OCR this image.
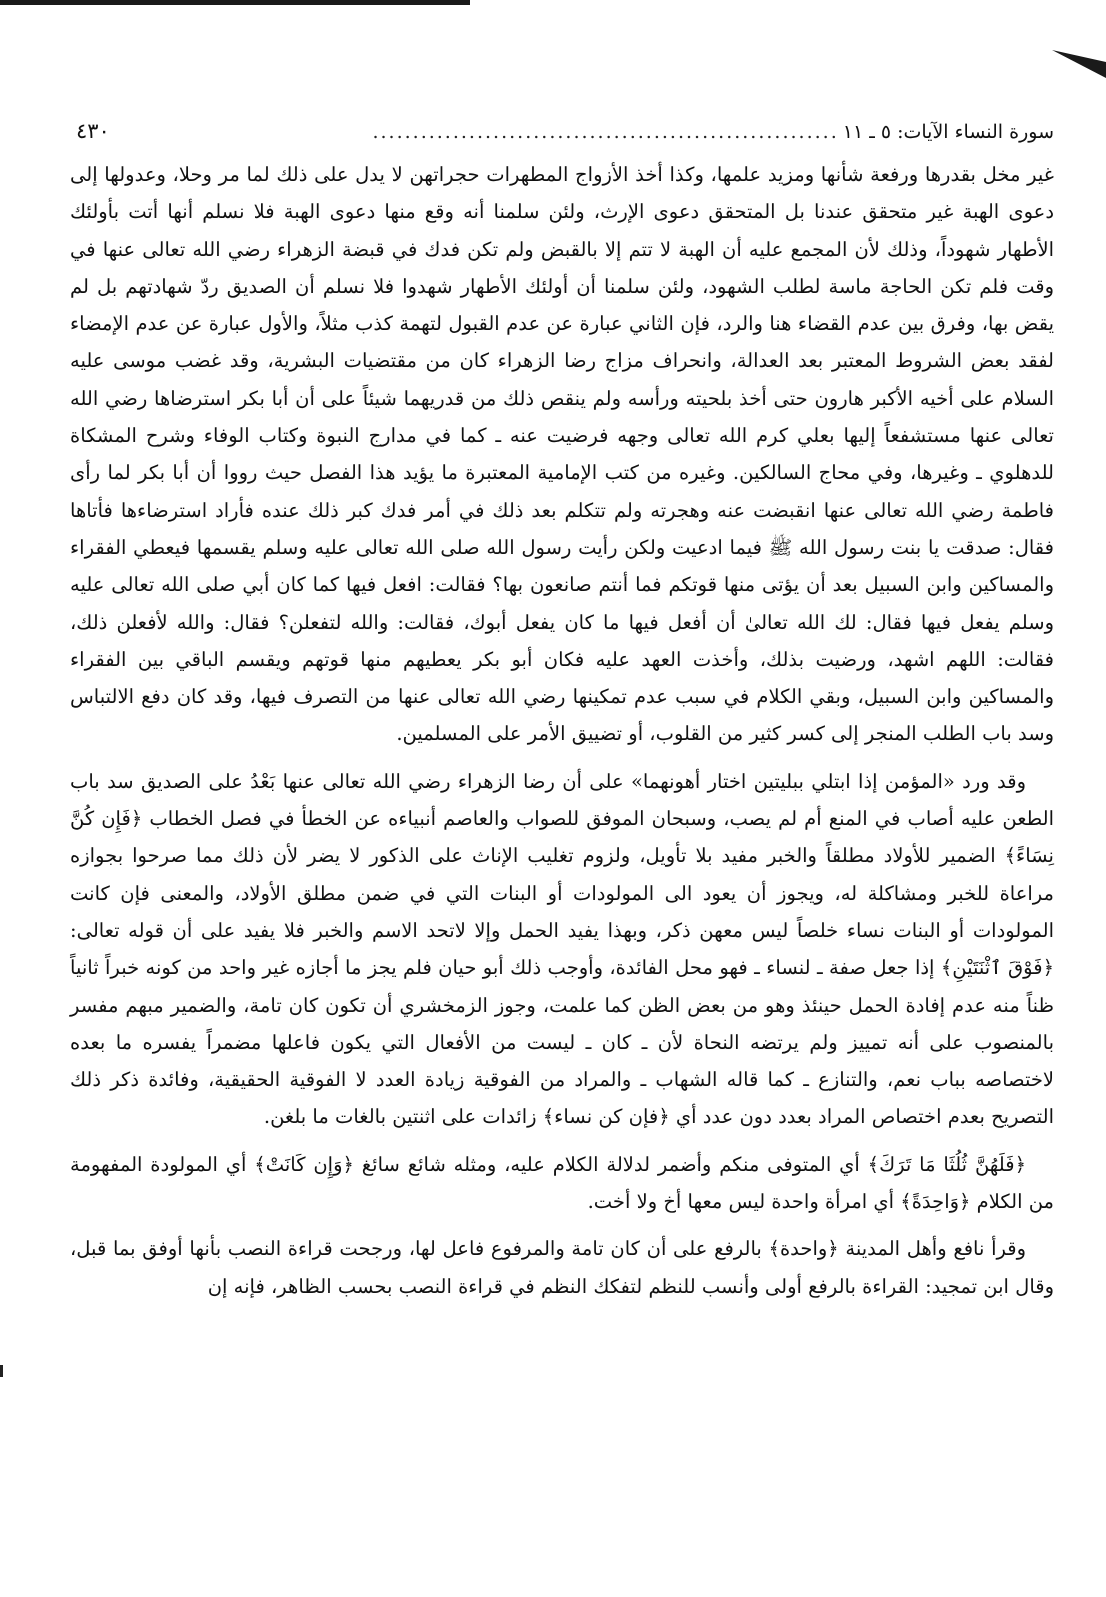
سورة النساء الآيات: ٥ ـ ١١
..........................................................
٤٣٠

غير مخل بقدرها ورفعة شأنها ومزيد علمها، وكذا أخذ الأزواج المطهرات حجراتهن لا يدل على ذلك لما مر وحلا، وعدولها إلى دعوى الهبة غير متحقق عندنا بل المتحقق دعوى الإرث، ولئن سلمنا أنه وقع منها دعوى الهبة فلا نسلم أنها أتت بأولئك الأطهار شهوداً، وذلك لأن المجمع عليه أن الهبة لا تتم إلا بالقبض ولم تكن فدك في قبضة الزهراء رضي الله تعالى عنها في وقت فلم تكن الحاجة ماسة لطلب الشهود، ولئن سلمنا أن أولئك الأطهار شهدوا فلا نسلم أن الصديق ردّ شهادتهم بل لم يقض بها، وفرق بين عدم القضاء هنا والرد، فإن الثاني عبارة عن عدم القبول لتهمة كذب مثلاً، والأول عبارة عن عدم الإمضاء لفقد بعض الشروط المعتبر بعد العدالة، وانحراف مزاج رضا الزهراء كان من مقتضيات البشرية، وقد غضب موسى عليه السلام على أخيه الأكبر هارون حتى أخذ بلحيته ورأسه ولم ينقص ذلك من قدريهما شيئاً على أن أبا بكر استرضاها رضي الله تعالى عنها مستشفعاً إليها بعلي كرم الله تعالى وجهه فرضيت عنه ـ كما في مدارج النبوة وكتاب الوفاء وشرح المشكاة للدهلوي ـ وغيرها، وفي محاج السالكين. وغيره من كتب الإمامية المعتبرة ما يؤيد هذا الفصل حيث رووا أن أبا بكر لما رأى فاطمة رضي الله تعالى عنها انقبضت عنه وهجرته ولم تتكلم بعد ذلك في أمر فدك كبر ذلك عنده فأراد استرضاءها فأتاها فقال: صدقت يا بنت رسول الله ﷺ فيما ادعيت ولكن رأيت رسول الله صلى الله تعالى عليه وسلم يقسمها فيعطي الفقراء والمساكين وابن السبيل بعد أن يؤتى منها قوتكم فما أنتم صانعون بها؟ فقالت: افعل فيها كما كان أبي صلى الله تعالى عليه وسلم يفعل فيها فقال: لك الله تعالىٰ أن أفعل فيها ما كان يفعل أبوك، فقالت: والله لتفعلن؟ فقال: والله لأفعلن ذلك، فقالت: اللهم اشهد، ورضيت بذلك، وأخذت العهد عليه فكان أبو بكر يعطيهم منها قوتهم ويقسم الباقي بين الفقراء والمساكين وابن السبيل، وبقي الكلام في سبب عدم تمكينها رضي الله تعالى عنها من التصرف فيها، وقد كان دفع الالتباس وسد باب الطلب المنجر إلى كسر كثير من القلوب، أو تضييق الأمر على المسلمين.

وقد ورد «المؤمن إذا ابتلي ببليتين اختار أهونهما» على أن رضا الزهراء رضي الله تعالى عنها بَعْدُ على الصديق سد باب الطعن عليه أصاب في المنع أم لم يصب، وسبحان الموفق للصواب والعاصم أنبياءه عن الخطأ في فصل الخطاب ﴿فَإِن كُنَّ نِسَاءً﴾ الضمير للأولاد مطلقاً والخبر مفيد بلا تأويل، ولزوم تغليب الإناث على الذكور لا يضر لأن ذلك مما صرحوا بجوازه مراعاة للخبر ومشاكلة له، ويجوز أن يعود الى المولودات أو البنات التي في ضمن مطلق الأولاد، والمعنى فإن كانت المولودات أو البنات نساء خلصاً ليس معهن ذكر، وبهذا يفيد الحمل وإلا لاتحد الاسم والخبر فلا يفيد على أن قوله تعالى: ﴿فَوْقَ ٱثْنَتَيْنِ﴾ إذا جعل صفة ـ لنساء ـ فهو محل الفائدة، وأوجب ذلك أبو حيان فلم يجز ما أجازه غير واحد من كونه خبراً ثانياً ظناً منه عدم إفادة الحمل حينئذ وهو من بعض الظن كما علمت، وجوز الزمخشري أن تكون كان تامة، والضمير مبهم مفسر بالمنصوب على أنه تمييز ولم يرتضه النحاة لأن ـ كان ـ ليست من الأفعال التي يكون فاعلها مضمراً يفسره ما بعده لاختصاصه بباب نعم، والتنازع ـ كما قاله الشهاب ـ والمراد من الفوقية زيادة العدد لا الفوقية الحقيقية، وفائدة ذكر ذلك التصريح بعدم اختصاص المراد بعدد دون عدد أي ﴿فإن كن نساء﴾ زائدات على اثنتين بالغات ما بلغن.

﴿فَلَهُنَّ ثُلُثَا مَا تَرَكَ﴾ أي المتوفى منكم وأضمر لدلالة الكلام عليه، ومثله شائع سائغ ﴿وَإِن كَانَتْ﴾ أي المولودة المفهومة من الكلام ﴿وَاحِدَةً﴾ أي امرأة واحدة ليس معها أخ ولا أخت.

وقرأ نافع وأهل المدينة ﴿واحدة﴾ بالرفع على أن كان تامة والمرفوع فاعل لها، ورجحت قراءة النصب بأنها أوفق بما قبل، وقال ابن تمجيد: القراءة بالرفع أولى وأنسب للنظم لتفكك النظم في قراءة النصب بحسب الظاهر، فإنه إن
